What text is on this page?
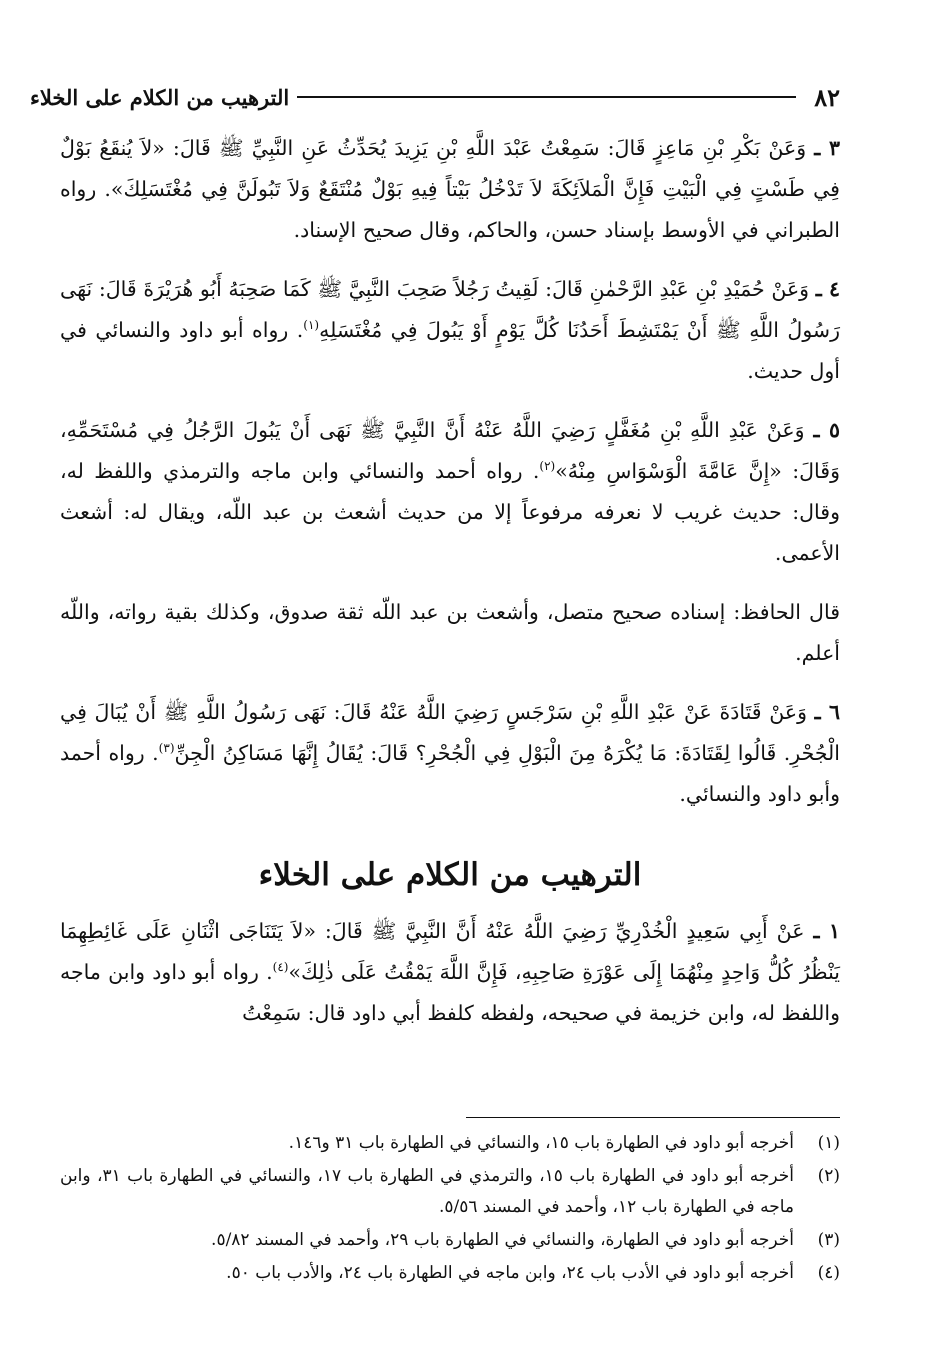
٨٢
الترهيب من الكلام على الخلاء

٣ ـ وَعَنْ بَكْرِ بْنِ مَاعِزٍ قَالَ: سَمِعْتُ عَبْدَ اللَّهِ بْنِ يَزِيدَ يُحَدِّثُ عَنِ النَّبِيِّ ﷺ قَالَ: «لاَ يُنقَعُ بَوْلٌ فِي طَسْتٍ فِي الْبَيْتِ فَإِنَّ الْمَلاَئِكَةَ لاَ تَدْخُلُ بَيْتاً فِيهِ بَوْلٌ مُنْتَقَعٌ وَلاَ تَبُولَنَّ فِي مُغْتَسَلِكَ». رواه الطبراني في الأوسط بإسناد حسن، والحاكم، وقال صحيح الإسناد.

٤ ـ وَعَنْ حُمَيْدِ بْنِ عَبْدِ الرَّحْمٰنِ قَالَ: لَقِيتُ رَجُلاً صَحِبَ النَّبِيَّ ﷺ كَمَا صَحِبَهُ أَبُو هُرَيْرَةَ قَالَ: نَهَى رَسُولُ اللَّهِ ﷺ أَنْ يَمْتَشِطَ أَحَدُنَا كُلَّ يَوْمٍ أَوْ يَبُولَ فِي مُغْتَسَلِهِ$^{(١)}$. رواه أبو داود والنسائي في أول حديث.

٥ ـ وَعَنْ عَبْدِ اللَّهِ بْنِ مُغَفَّلٍ رَضِيَ اللَّهُ عَنْهُ أَنَّ النَّبِيَّ ﷺ نَهَى أَنْ يَبُولَ الرَّجُلُ فِي مُسْتَحَمِّهِ، وَقَالَ: «إِنَّ عَامَّةَ الْوَسْوَاسِ مِنْهُ»$^{(٢)}$. رواه أحمد والنسائي وابن ماجه والترمذي واللفظ له، وقال: حديث غريب لا نعرفه مرفوعاً إلا من حديث أشعث بن عبد اللّه، ويقال له: أشعث الأعمى.

قال الحافظ: إسناده صحيح متصل، وأشعث بن عبد اللّه ثقة صدوق، وكذلك بقية رواته، واللّه أعلم.

٦ ـ وَعَنْ قَتَادَةَ عَنْ عَبْدِ اللَّهِ بْنِ سَرْجَسٍ رَضِيَ اللَّهُ عَنْهُ قَالَ: نَهَى رَسُولُ اللَّهِ ﷺ أَنْ يُبَالَ فِي الْجُحْرِ. قَالُوا لِقَتَادَةَ: مَا يُكْرَهُ مِنَ الْبَوْلِ فِي الْجُحْرِ؟ قَالَ: يُقَالُ إِنَّهَا مَسَاكِنُ الْجِنِّ$^{(٣)}$. رواه أحمد وأبو داود والنسائي.

الترهيب من الكلام على الخلاء

١ ـ عَنْ أَبِي سَعِيدٍ الْخُدْرِيِّ رَضِيَ اللَّهُ عَنْهُ أَنَّ النَّبِيَّ ﷺ قَالَ: «لاَ يَتَنَاجَى اثْنَانِ عَلَى غَائِطِهِمَا يَنْظُرُ كُلُّ وَاحِدٍ مِنْهُمَا إِلَى عَوْرَةِ صَاحِبِهِ، فَإِنَّ اللَّهَ يَمْقُتُ عَلَى ذٰلِكَ»$^{(٤)}$. رواه أبو داود وابن ماجه واللفظ له، وابن خزيمة في صحيحه، ولفظه كلفظ أبي داود قال: سَمِعْتُ

(١)
أخرجه أبو داود في الطهارة باب ١٥، والنسائي في الطهارة باب ٣١ و١٤٦.
(٢)
أخرجه أبو داود في الطهارة باب ١٥، والترمذي في الطهارة باب ١٧، والنسائي في الطهارة باب ٣١، وابن ماجه في الطهارة باب ١٢، وأحمد في المسند ٥/٥٦.
(٣)
أخرجه أبو داود في الطهارة، والنسائي في الطهارة باب ٢٩، وأحمد في المسند ٥/٨٢.
(٤)
أخرجه أبو داود في الأدب باب ٢٤، وابن ماجه في الطهارة باب ٢٤، والأدب باب ٥٠.
